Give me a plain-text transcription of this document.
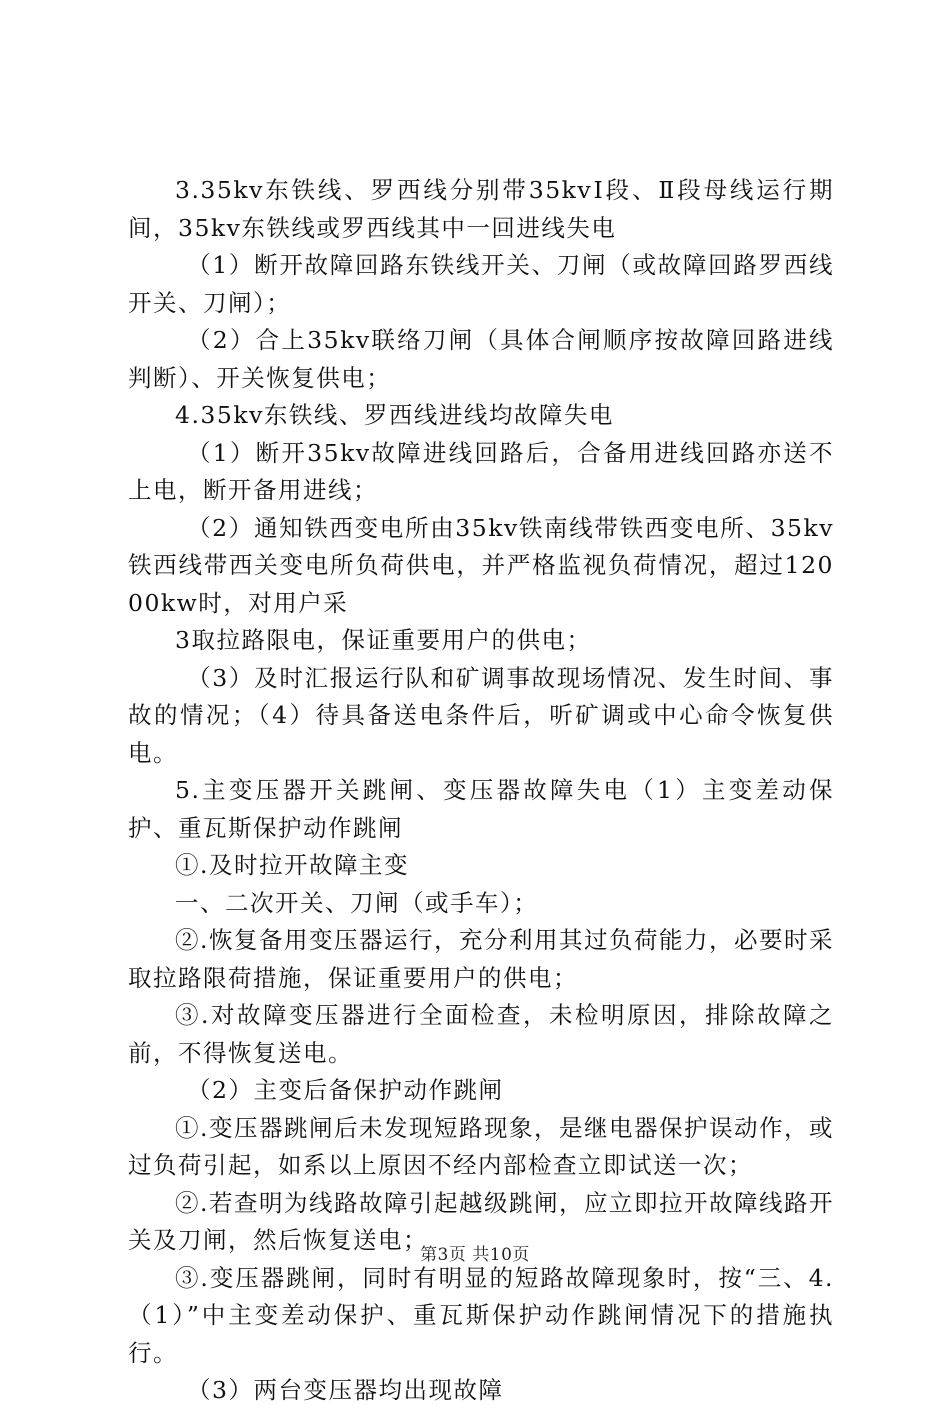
3.35kv东铁线、罗西线分别带35kvⅠ段、Ⅱ段母线运行期间，35kv东铁线或罗西线其中一回进线失电

（1）断开故障回路东铁线开关、刀闸（或故障回路罗西线开关、刀闸）；

（2）合上35kv联络刀闸（具体合闸顺序按故障回路进线判断）、开关恢复供电；

4.35kv东铁线、罗西线进线均故障失电

（1）断开35kv故障进线回路后，合备用进线回路亦送不上电，断开备用进线；

（2）通知铁西变电所由35kv铁南线带铁西变电所、35kv铁西线带西关变电所负荷供电，并严格监视负荷情况，超过12000kw时，对用户采

3取拉路限电，保证重要用户的供电；

（3）及时汇报运行队和矿调事故现场情况、发生时间、事故的情况；（4）待具备送电条件后，听矿调或中心命令恢复供电。

5.主变压器开关跳闸、变压器故障失电（1）主变差动保护、重瓦斯保护动作跳闸

①.及时拉开故障主变

一、二次开关、刀闸（或手车）；

②.恢复备用变压器运行，充分利用其过负荷能力，必要时采取拉路限荷措施，保证重要用户的供电；

③.对故障变压器进行全面检查，未检明原因，排除故障之前，不得恢复送电。

（2）主变后备保护动作跳闸

①.变压器跳闸后未发现短路现象，是继电器保护误动作，或过负荷引起，如系以上原因不经内部检查立即试送一次；

②.若查明为线路故障引起越级跳闸，应立即拉开故障线路开关及刀闸，然后恢复送电；

③.变压器跳闸，同时有明显的短路故障现象时，按“三、4.（1）”中主变差动保护、重瓦斯保护动作跳闸情况下的措施执行。

（3）两台变压器均出现故障

第3页 共10页
